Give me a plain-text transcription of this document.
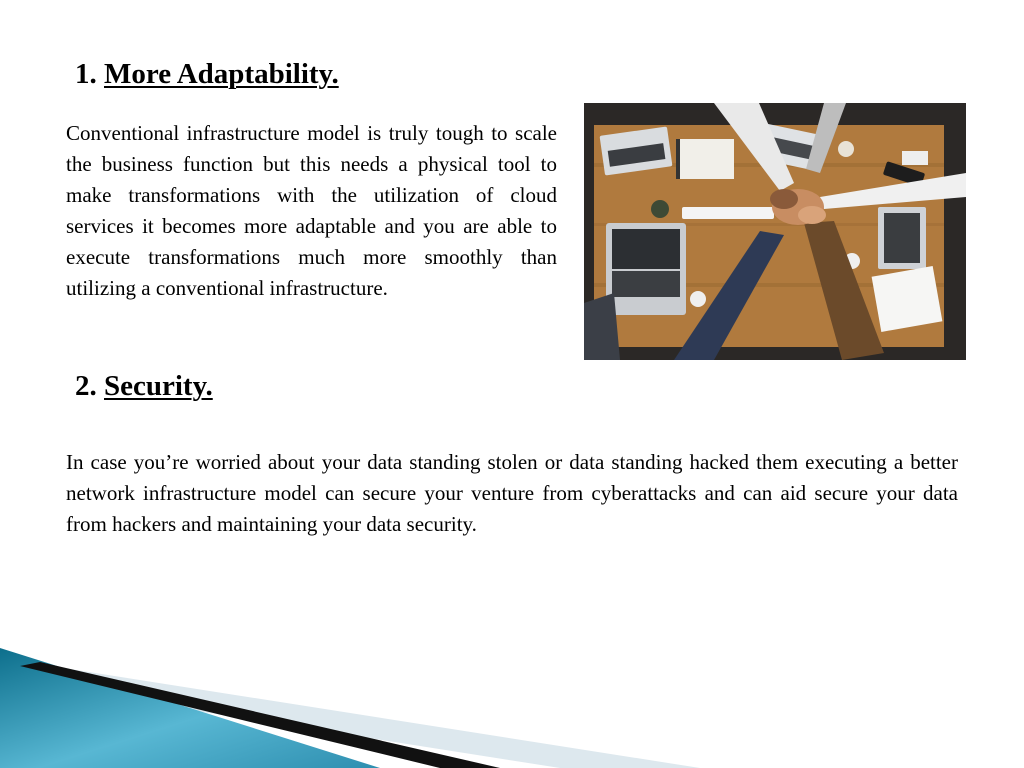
1. More Adaptability.

Conventional infrastructure model is truly tough to scale the business function but this needs a physical tool to make transformations with the utilization of cloud services it becomes more adaptable and you are able to execute transformations much more smoothly than utilizing a conventional infrastructure.

2. Security.

In case you’re worried about your data standing stolen or data standing hacked them executing a better network infrastructure model can secure your venture from cyberattacks and can aid secure your data from hackers and maintaining your data security.
